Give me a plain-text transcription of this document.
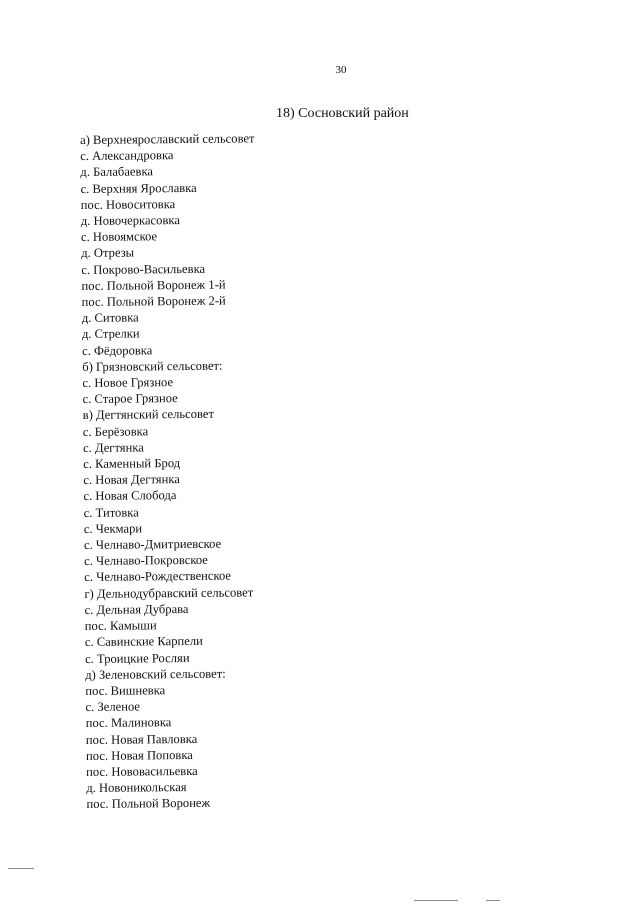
30
18) Сосновский район
а) Верхнеярославский сельсовет
с. Александровка
д. Балабаевка
с. Верхняя Ярославка
пос. Новоситовка
д. Новочеркасовка
с. Новоямское
д. Отрезы
с. Покрово-Васильевка
пос. Польной Воронеж 1-й
пос. Польной Воронеж 2-й
д. Ситовка
д. Стрелки
с. Фёдоровка
б) Грязновский сельсовет:
с. Новое Грязное
с. Старое Грязное
в) Дегтянский сельсовет
с. Берёзовка
с. Дегтянка
с. Каменный Брод
с. Новая Дегтянка
с. Новая Слобода
с. Титовка
с. Чекмари
с. Челнаво-Дмитриевское
с. Челнаво-Покровское
с. Челнаво-Рождественское
г) Дельнодубравский сельсовет
с. Дельная Дубрава
пос. Камыши
с. Савинские Карпели
с. Троицкие Росляи
д) Зеленовский сельсовет:
пос. Вишневка
с. Зеленое
пос. Малиновка
пос. Новая Павловка
пос. Новая Поповка
пос. Нововасильевка
д. Новоникольская
пос. Польной Воронеж
